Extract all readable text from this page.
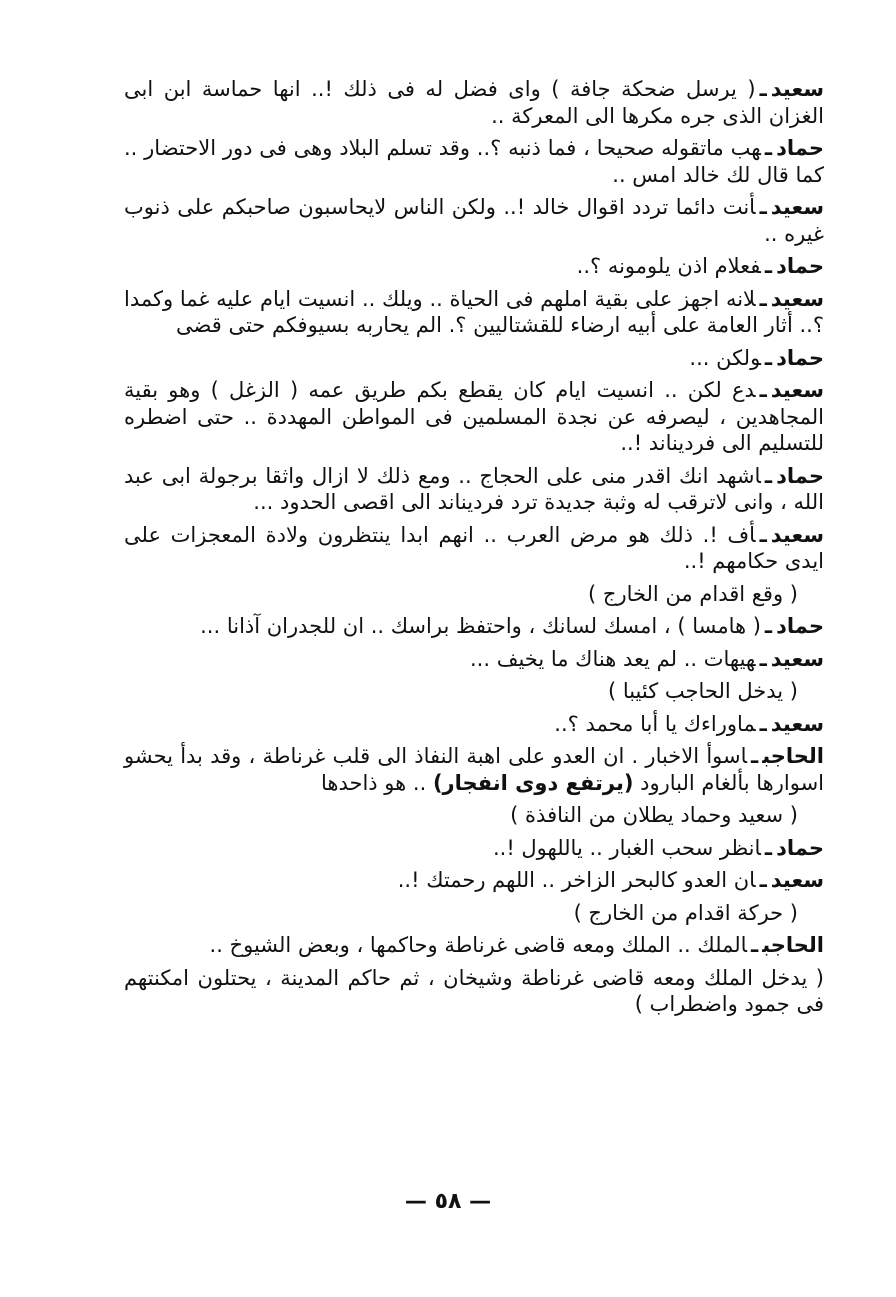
سعيدـ( يرسل ضحكة جافة ) واى فضل له فى ذلك !.. انها حماسة ابن ابى الغزان الذى جره مكرها الى المعركة ..

حمادـهب ماتقوله صحيحا ، فما ذنبه ؟.. وقد تسلم البلاد وهى فى دور الاحتضار .. كما قال لك خالد امس ..

سعيدـأنت دائما تردد اقوال خالد !.. ولكن الناس لايحاسبون صاحبكم على ذنوب غيره ..

حمادـفعلام اذن يلومونه ؟..

سعيدـلانه اجهز على بقية املهم فى الحياة .. ويلك .. انسيت ايام عليه غما وكمدا ؟.. أثار العامة على أبيه ارضاء للقشتاليين ؟. الم يحاربه بسيوفكم حتى قضى

حمادـولكن ...

سعيدـدع لكن .. انسيت ايام كان يقطع بكم طريق عمه ( الزغل ) وهو بقية المجاهدين ، ليصرفه عن نجدة المسلمين فى المواطن المهددة .. حتى اضطره للتسليم الى فرديناند !..

حمادـاشهد انك اقدر منى على الحجاج .. ومع ذلك لا ازال واثقا برجولة ابى عبد الله ، وانى لاترقب له وثبة جديدة ترد فرديناند الى اقصى الحدود ...

سعيدـأف !. ذلك هو مرض العرب .. انهم ابدا ينتظرون ولادة المعجزات على ايدى حكامهم !..

( وقع اقدام من الخارج )

حمادـ( هامسا ) ، امسك لسانك ، واحتفظ براسك .. ان للجدران آذانا ...

سعيدـهيهات .. لم يعد هناك ما يخيف ...

( يدخل الحاجب كئيبا )

سعيدـماوراءك يا أبا محمد ؟..

الحاجبـاسوأ الاخبار . ان العدو على اهبة النفاذ الى قلب غرناطة ، وقد بدأ يحشو اسوارها بألغام البارود (يرتفع دوى انفجار) .. هو ذاحدها

( سعيد وحماد يطلان من النافذة )

حمادـانظر سحب الغبار .. ياللهول !..

سعيدـان العدو كالبحر الزاخر .. اللهم رحمتك !..

( حركة اقدام من الخارج )

الحاجبـالملك .. الملك ومعه قاضى غرناطة وحاكمها ، وبعض الشيوخ ..

( يدخل الملك ومعه قاضى غرناطة وشيخان ، ثم حاكم المدينة ، يحتلون امكنتهم فى جمود واضطراب )

— ٥٨ —
